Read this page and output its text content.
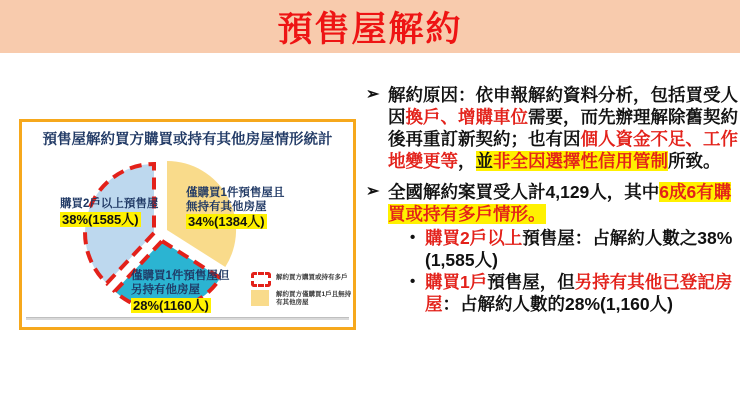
預售屋解約
預售屋解約買方購買或持有其他房屋情形統計
購買2戶以上預售屋
38%(1585人)
僅購買1件預售屋且
無持有其他房屋
34%(1384人)
僅購買1件預售屋但
另持有他房屋
28%(1160人)
解約買方購買或持有多戶
解約買方僅購買1戶且無持有其他房屋
➢ 解約原因：依申報解約資料分析，包括買受人因換戶、增購車位需要，而先辦理解除舊契約後再重訂新契約；也有因個人資金不足、工作地變更等，並非全因選擇性信用管制所致。
➢ 全國解約案買受人計4,129人，其中6成6有購買或持有多戶情形。
• 購買2戶以上預售屋：占解約人數之38%(1,585人)
• 購買1戶預售屋，但另持有其他已登記房屋：占解約人數的28%(1,160人)
